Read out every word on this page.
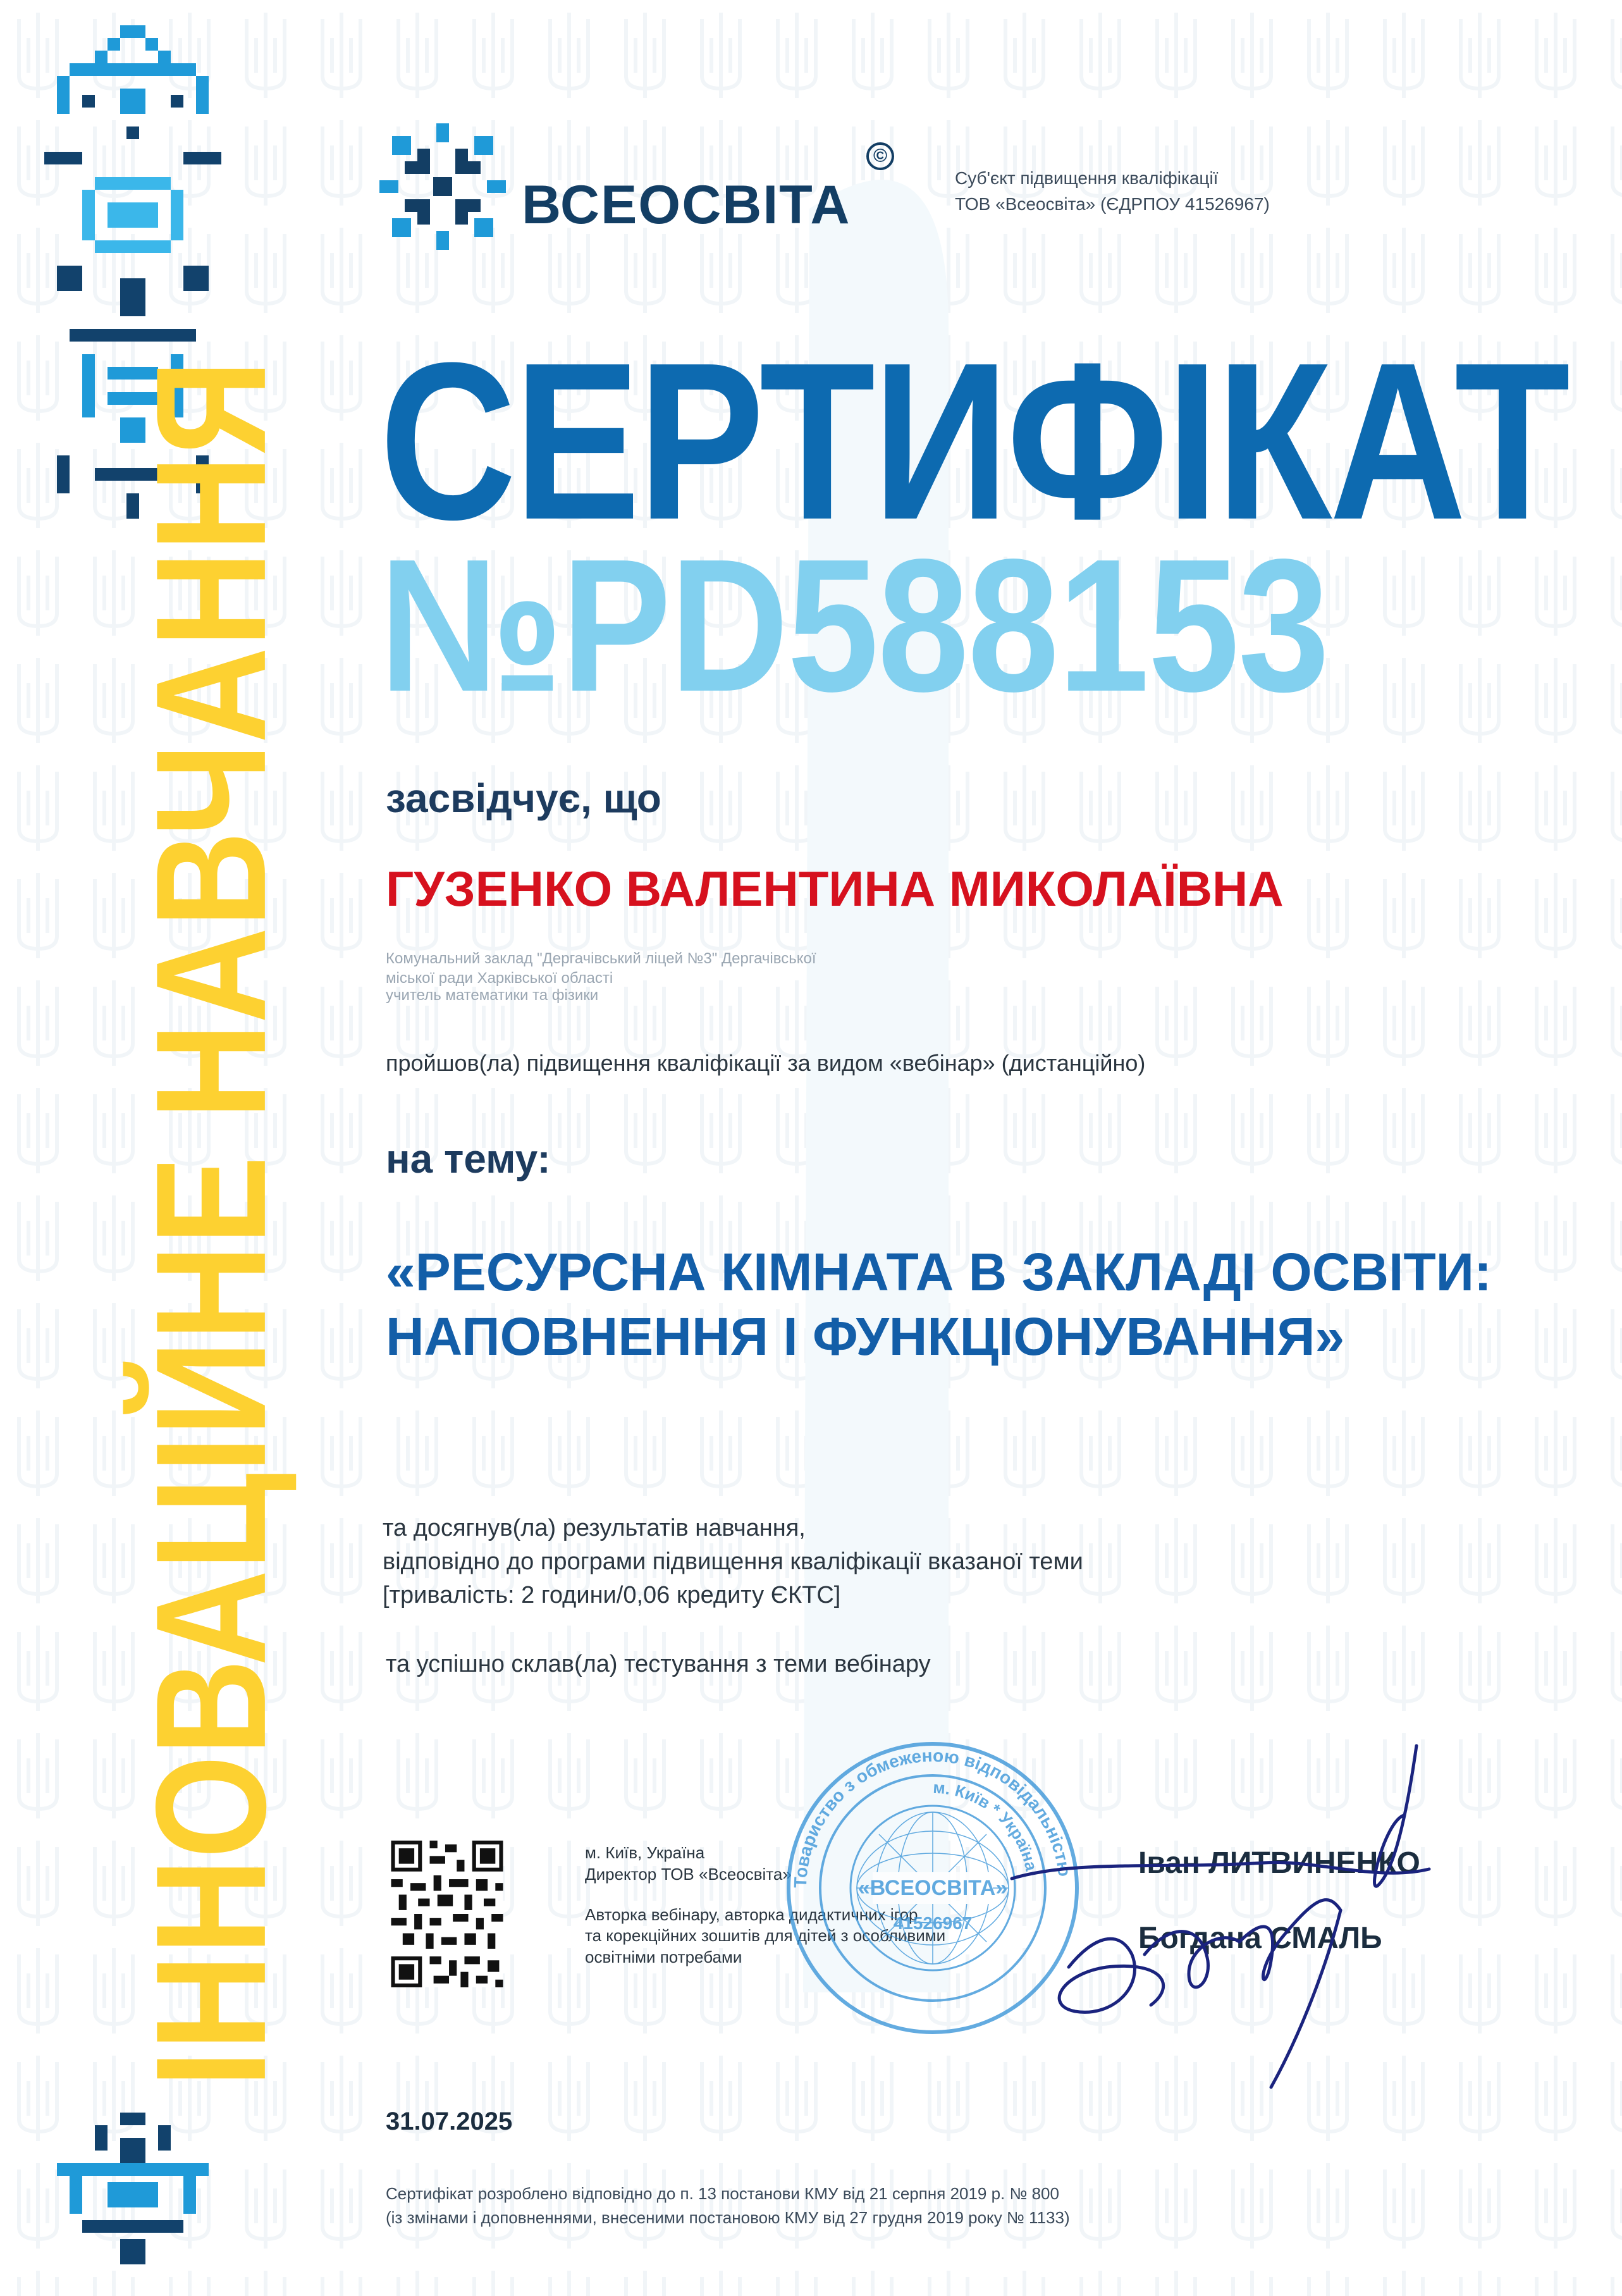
ІННОВАЦІЙНЕ НАВЧАННЯ
ВСЕОСВІТА
©
Суб'єкт підвищення кваліфікації
ТОВ «Всеосвіта» (ЄДРПОУ 41526967)
СЕРТИФІКАТ
№PD588153
засвідчує, що
ГУЗЕНКО ВАЛЕНТИНА МИКОЛАЇВНА
Комунальний заклад "Дергачівський ліцей №3" Дергачівської
міської ради Харківської області
учитель математики та фізики
пройшов(ла) підвищення кваліфікації за видом «вебінар» (дистанційно)
на тему:
«РЕСУРСНА КІМНАТА В ЗАКЛАДІ ОСВІТИ:
НАПОВНЕННЯ І ФУНКЦІОНУВАННЯ»
та досягнув(ла) результатів навчання,
відповідно до програми підвищення кваліфікації вказаної теми
[тривалість: 2 години/0,06 кредиту ЄКТС]
та успішно склав(ла) тестування з теми вебінару
м. Київ, Україна
Директор ТОВ «Всеосвіта»
Авторка вебінару, авторка дидактичних ігор
та корекційних зошитів для дітей з особливими
освітніми потребами
Іван ЛИТВИНЕНКО
Богдана СМАЛЬ
Товариство з обмеженою відповідальністю
м. Київ * Україна
«ВСЕОСВІТА»
41526967
31.07.2025
Сертифікат розроблено відповідно до п. 13 постанови КМУ від 21 серпня 2019 р. № 800
(із змінами і доповненнями, внесеними постановою КМУ від 27 грудня 2019 року № 1133)
